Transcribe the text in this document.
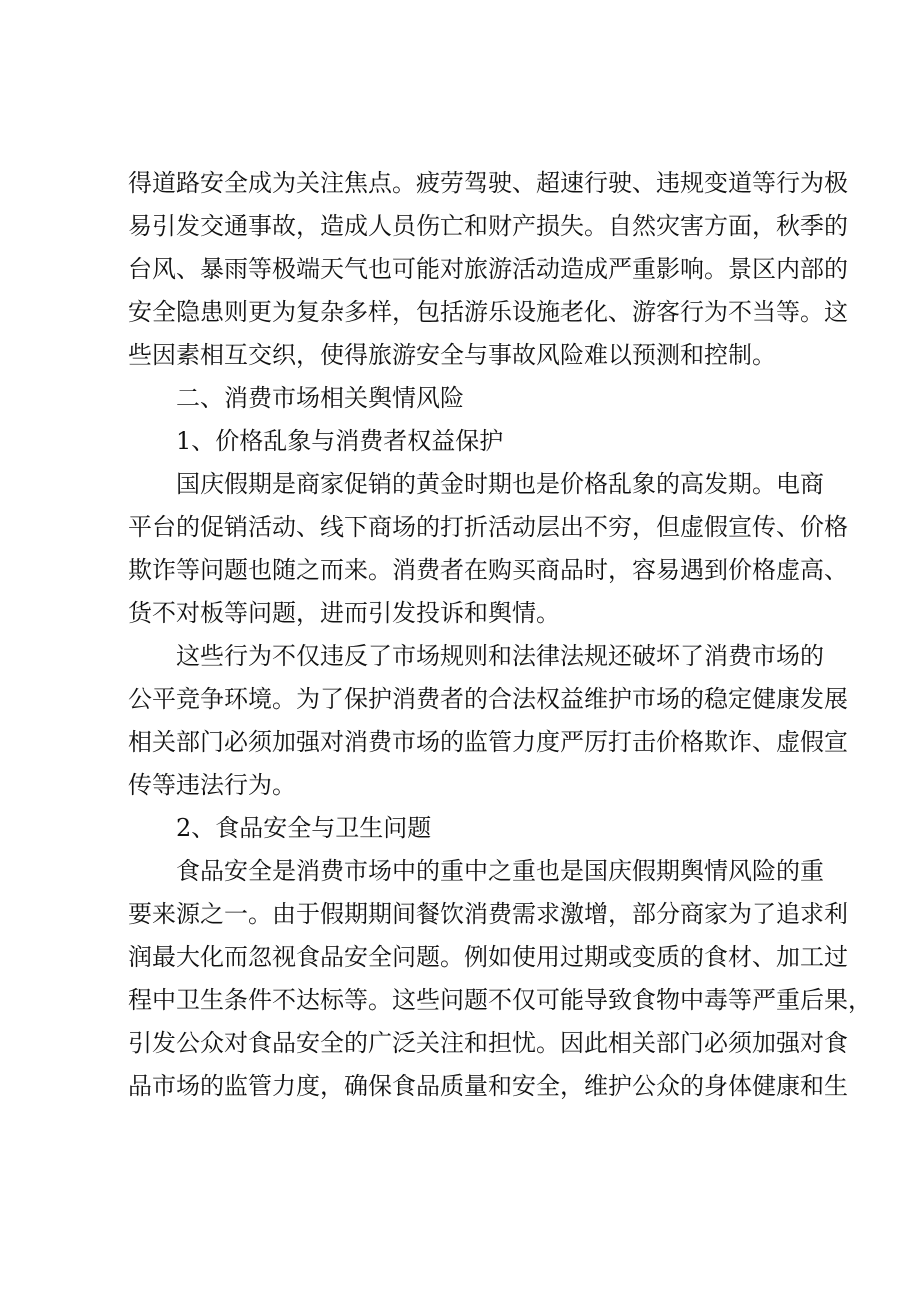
得道路安全成为关注焦点。疲劳驾驶、超速行驶、违规变道等行为极
易引发交通事故，造成人员伤亡和财产损失。自然灾害方面，秋季的
台风、暴雨等极端天气也可能对旅游活动造成严重影响。景区内部的
安全隐患则更为复杂多样，包括游乐设施老化、游客行为不当等。这
些因素相互交织，使得旅游安全与事故风险难以预测和控制。
二、消费市场相关舆情风险
1、价格乱象与消费者权益保护
国庆假期是商家促销的黄金时期也是价格乱象的高发期。电商
平台的促销活动、线下商场的打折活动层出不穷，但虚假宣传、价格
欺诈等问题也随之而来。消费者在购买商品时，容易遇到价格虚高、
货不对板等问题，进而引发投诉和舆情。
这些行为不仅违反了市场规则和法律法规还破坏了消费市场的
公平竞争环境。为了保护消费者的合法权益维护市场的稳定健康发展
相关部门必须加强对消费市场的监管力度严厉打击价格欺诈、虚假宣
传等违法行为。
2、食品安全与卫生问题
食品安全是消费市场中的重中之重也是国庆假期舆情风险的重
要来源之一。由于假期期间餐饮消费需求激增，部分商家为了追求利
润最大化而忽视食品安全问题。例如使用过期或变质的食材、加工过
程中卫生条件不达标等。这些问题不仅可能导致食物中毒等严重后果，
引发公众对食品安全的广泛关注和担忧。因此相关部门必须加强对食
品市场的监管力度，确保食品质量和安全，维护公众的身体健康和生
